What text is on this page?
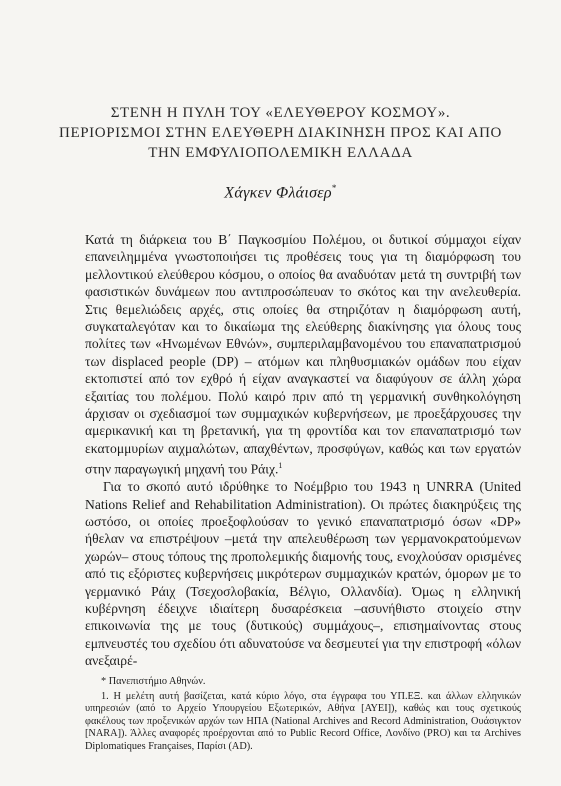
ΣΤΕΝΗ Η ΠΥΛΗ ΤΟΥ «ΕΛΕΥΘΕΡΟΥ ΚΟΣΜΟΥ».
ΠΕΡΙΟΡΙΣΜΟΙ ΣΤΗΝ ΕΛΕΥΘΕΡΗ ΔΙΑΚΙΝΗΣΗ ΠΡΟΣ ΚΑΙ ΑΠΟ
ΤΗΝ ΕΜΦΥΛΙΟΠΟΛΕΜΙΚΗ ΕΛΛΑΔΑ
Χάγκεν Φλάισερ*

Κατά τη διάρκεια του Β΄ Παγκοσμίου Πολέμου, οι δυτικοί σύμμαχοι είχαν επανειλημμένα γνωστοποιήσει τις προθέσεις τους για τη διαμόρφωση του μελλοντικού ελεύθερου κόσμου, ο οποίος θα αναδυόταν μετά τη συντριβή των φασιστικών δυνάμεων που αντιπροσώπευαν το σκότος και την ανελευθερία. Στις θεμελιώδεις αρχές, στις οποίες θα στηριζόταν η διαμόρφωση αυτή, συγκαταλεγόταν και το δικαίωμα της ελεύθερης διακίνησης για όλους τους πολίτες των «Ηνωμένων Εθνών», συμπεριλαμβανομένου του επαναπατρισμού των displaced people (DP) – ατόμων και πληθυσμιακών ομάδων που είχαν εκτοπιστεί από τον εχθρό ή είχαν αναγκαστεί να διαφύγουν σε άλλη χώρα εξαιτίας του πολέμου. Πολύ καιρό πριν από τη γερμανική συνθηκολόγηση άρχισαν οι σχεδιασμοί των συμμαχικών κυβερνήσεων, με προεξάρχουσες την αμερικανική και τη βρετανική, για τη φροντίδα και τον επαναπατρισμό των εκατομμυρίων αιχμαλώτων, απαχθέντων, προσφύγων, καθώς και των εργατών στην παραγωγική μηχανή του Ράιχ.$^1$

Για το σκοπό αυτό ιδρύθηκε το Νοέμβριο του 1943 η UNRRA (United Nations Relief and Rehabilitation Administration). Οι πρώτες διακηρύξεις της ωστόσο, οι οποίες προεξοφλούσαν το γενικό επαναπατρισμό όσων «DP» ήθελαν να επιστρέψουν –μετά την απελευθέρωση των γερμανοκρατούμενων χωρών– στους τόπους της προπολεμικής διαμονής τους, ενοχλούσαν ορισμένες από τις εξόριστες κυβερνήσεις μικρότερων συμμαχικών κρατών, όμορων με το γερμανικό Ράιχ (Τσεχοσλοβακία, Βέλγιο, Ολλανδία). Όμως η ελληνική κυβέρνηση έδειχνε ιδιαίτερη δυσαρέσκεια –ασυνήθιστο στοιχείο στην επικοινωνία της με τους (δυτικούς) συμμάχους–, επισημαίνοντας στους εμπνευστές του σχεδίου ότι αδυνατούσε να δεσμευτεί για την επιστροφή «όλων ανεξαιρέ-

* Πανεπιστήμιο Αθηνών.

1. Η μελέτη αυτή βασίζεται, κατά κύριο λόγο, στα έγγραφα του ΥΠ.ΕΞ. και άλλων ελληνικών υπηρεσιών (από το Αρχείο Υπουργείου Εξωτερικών, Αθήνα [ΑΥΕΙ]), καθώς και τους σχετικούς φακέλους των προξενικών αρχών των ΗΠΑ (National Archives and Record Administration, Ουάσιγκτον [NARA]). Άλλες αναφορές προέρχονται από το Public Record Office, Λονδίνο (PRO) και τα Archives Diplomatiques Françaises, Παρίσι (AD).
